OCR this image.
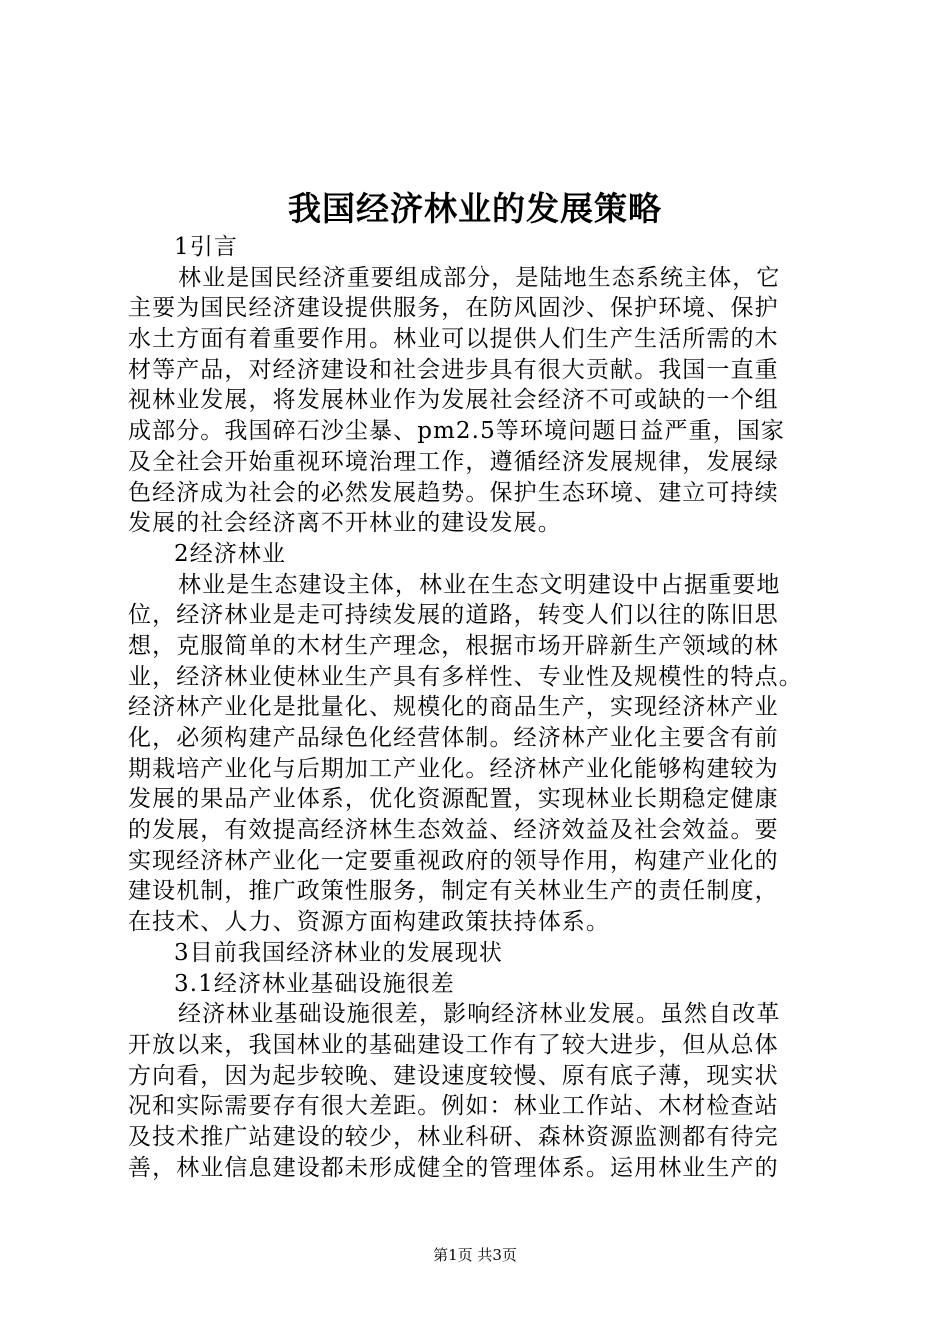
我国经济林业的发展策略
1引言
林业是国民经济重要组成部分，是陆地生态系统主体，它
主要为国民经济建设提供服务，在防风固沙、保护环境、保护
水土方面有着重要作用。林业可以提供人们生产生活所需的木
材等产品，对经济建设和社会进步具有很大贡献。我国一直重
视林业发展，将发展林业作为发展社会经济不可或缺的一个组
成部分。我国碎石沙尘暴、pm2.5等环境问题日益严重，国家
及全社会开始重视环境治理工作，遵循经济发展规律，发展绿
色经济成为社会的必然发展趋势。保护生态环境、建立可持续
发展的社会经济离不开林业的建设发展。
2经济林业
林业是生态建设主体，林业在生态文明建设中占据重要地
位，经济林业是走可持续发展的道路，转变人们以往的陈旧思
想，克服简单的木材生产理念，根据市场开辟新生产领域的林
业，经济林业使林业生产具有多样性、专业性及规模性的特点。
经济林产业化是批量化、规模化的商品生产，实现经济林产业
化，必须构建产品绿色化经营体制。经济林产业化主要含有前
期栽培产业化与后期加工产业化。经济林产业化能够构建较为
发展的果品产业体系，优化资源配置，实现林业长期稳定健康
的发展，有效提高经济林生态效益、经济效益及社会效益。要
实现经济林产业化一定要重视政府的领导作用，构建产业化的
建设机制，推广政策性服务，制定有关林业生产的责任制度，
在技术、人力、资源方面构建政策扶持体系。
3目前我国经济林业的发展现状
3.1经济林业基础设施很差
经济林业基础设施很差，影响经济林业发展。虽然自改革
开放以来，我国林业的基础建设工作有了较大进步，但从总体
方向看，因为起步较晚、建设速度较慢、原有底子薄，现实状
况和实际需要存有很大差距。例如：林业工作站、木材检查站
及技术推广站建设的较少，林业科研、森林资源监测都有待完
善，林业信息建设都未形成健全的管理体系。运用林业生产的
第1页 共3页
